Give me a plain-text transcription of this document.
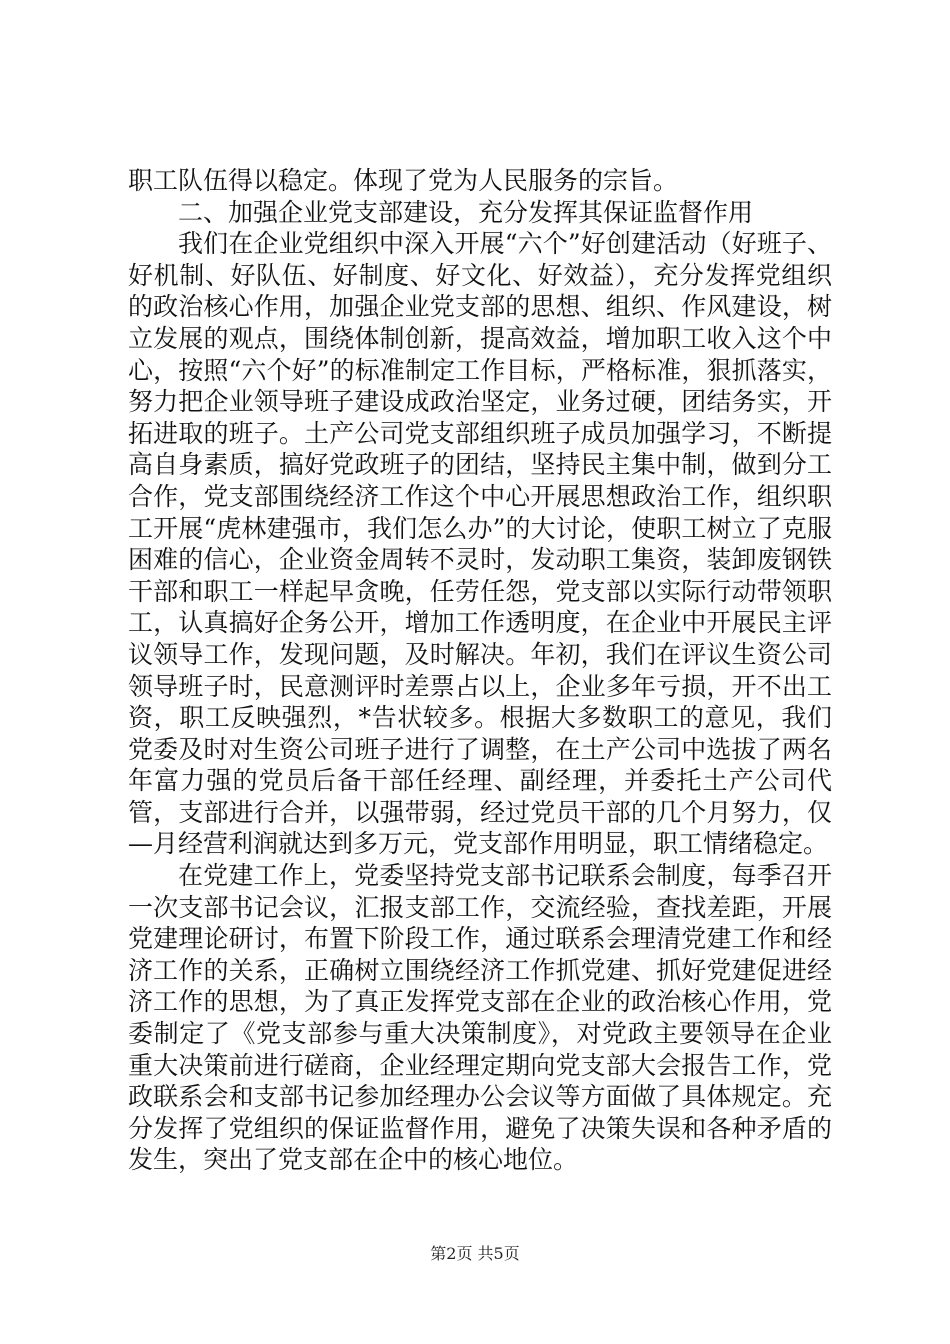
职工队伍得以稳定。体现了党为人民服务的宗旨。

二、加强企业党支部建设，充分发挥其保证监督作用

我们在企业党组织中深入开展“六个”好创建活动（好班子、好机制、好队伍、好制度、好文化、好效益），充分发挥党组织的政治核心作用，加强企业党支部的思想、组织、作风建设，树立发展的观点，围绕体制创新，提高效益，增加职工收入这个中心，按照“六个好”的标准制定工作目标，严格标准，狠抓落实，努力把企业领导班子建设成政治坚定，业务过硬，团结务实，开拓进取的班子。土产公司党支部组织班子成员加强学习，不断提高自身素质，搞好党政班子的团结，坚持民主集中制，做到分工合作，党支部围绕经济工作这个中心开展思想政治工作，组织职工开展“虎林建强市，我们怎么办”的大讨论，使职工树立了克服困难的信心，企业资金周转不灵时，发动职工集资，装卸废钢铁干部和职工一样起早贪晚，任劳任怨，党支部以实际行动带领职工，认真搞好企务公开，增加工作透明度，在企业中开展民主评议领导工作，发现问题，及时解决。年初，我们在评议生资公司领导班子时，民意测评时差票占以上，企业多年亏损，开不出工资，职工反映强烈，*告状较多。根据大多数职工的意见，我们党委及时对生资公司班子进行了调整，在土产公司中选拔了两名年富力强的党员后备干部任经理、副经理，并委托土产公司代管，支部进行合并，以强带弱，经过党员干部的几个月努力，仅—月经营利润就达到多万元，党支部作用明显，职工情绪稳定。

在党建工作上，党委坚持党支部书记联系会制度，每季召开一次支部书记会议，汇报支部工作，交流经验，查找差距，开展党建理论研讨，布置下阶段工作，通过联系会理清党建工作和经济工作的关系，正确树立围绕经济工作抓党建、抓好党建促进经济工作的思想，为了真正发挥党支部在企业的政治核心作用，党委制定了《党支部参与重大决策制度》，对党政主要领导在企业重大决策前进行磋商，企业经理定期向党支部大会报告工作，党政联系会和支部书记参加经理办公会议等方面做了具体规定。充分发挥了党组织的保证监督作用，避免了决策失误和各种矛盾的发生，突出了党支部在企中的核心地位。

第2页 共5页
